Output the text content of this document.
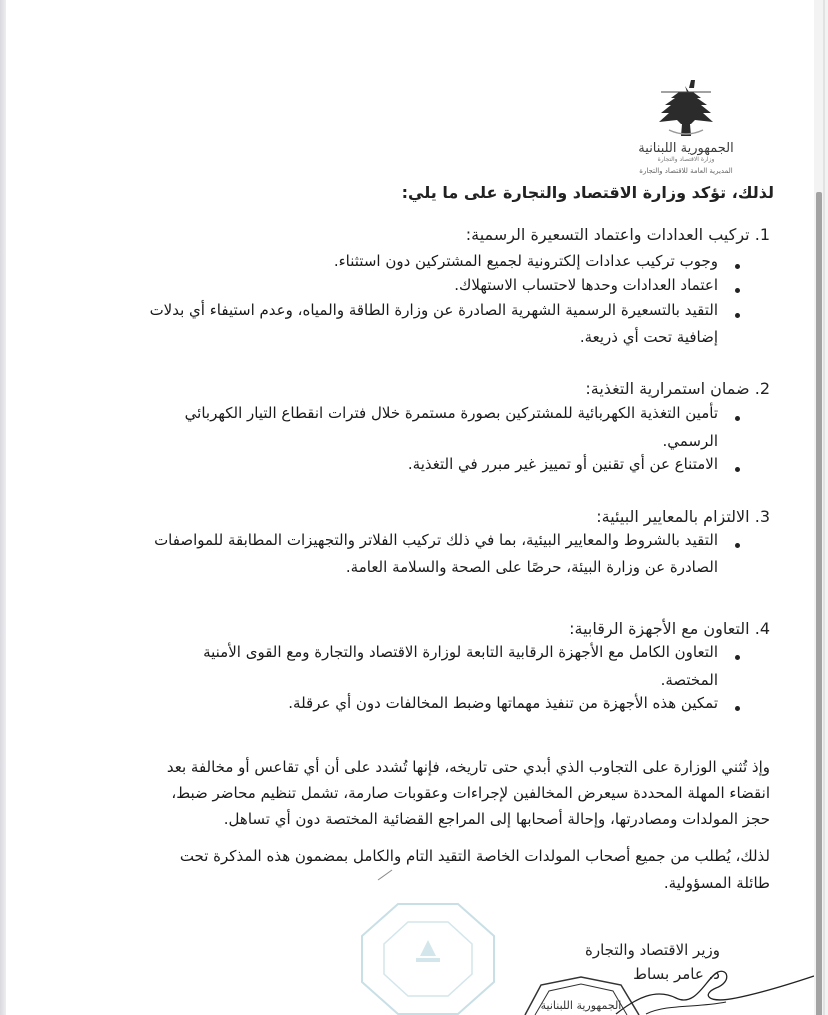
الجمهورية اللبنانية
وزارة الاقتصاد والتجارة
المديرية العامة للاقتصاد والتجارة
لذلك، تؤكد وزارة الاقتصاد والتجارة على ما يلي:
1. تركيب العدادات واعتماد التسعيرة الرسمية:
وجوب تركيب عدادات إلكترونية لجميع المشتركين دون استثناء.
اعتماد العدادات وحدها لاحتساب الاستهلاك.
التقيد بالتسعيرة الرسمية الشهرية الصادرة عن وزارة الطاقة والمياه، وعدم استيفاء أي بدلات
إضافية تحت أي ذريعة.
2. ضمان استمرارية التغذية:
تأمين التغذية الكهربائية للمشتركين بصورة مستمرة خلال فترات انقطاع التيار الكهربائي
الرسمي.
الامتناع عن أي تقنين أو تمييز غير مبرر في التغذية.
3. الالتزام بالمعايير البيئية:
التقيد بالشروط والمعايير البيئية، بما في ذلك تركيب الفلاتر والتجهيزات المطابقة للمواصفات
الصادرة عن وزارة البيئة، حرصًا على الصحة والسلامة العامة.
4. التعاون مع الأجهزة الرقابية:
التعاون الكامل مع الأجهزة الرقابية التابعة لوزارة الاقتصاد والتجارة ومع القوى الأمنية
المختصة.
تمكين هذه الأجهزة من تنفيذ مهماتها وضبط المخالفات دون أي عرقلة.
وإذ تُثني الوزارة على التجاوب الذي أبدي حتى تاريخه، فإنها تُشدد على أن أي تقاعس أو مخالفة بعد
انقضاء المهلة المحددة سيعرض المخالفين لإجراءات وعقوبات صارمة، تشمل تنظيم محاضر ضبط،
حجز المولدات ومصادرتها، وإحالة أصحابها إلى المراجع القضائية المختصة دون أي تساهل.
لذلك، يُطلب من جميع أصحاب المولدات الخاصة التقيد التام والكامل بمضمون هذه المذكرة تحت
طائلة المسؤولية.
وزير الاقتصاد والتجارة
د. عامر بساط
الجمهورية اللبنانية
